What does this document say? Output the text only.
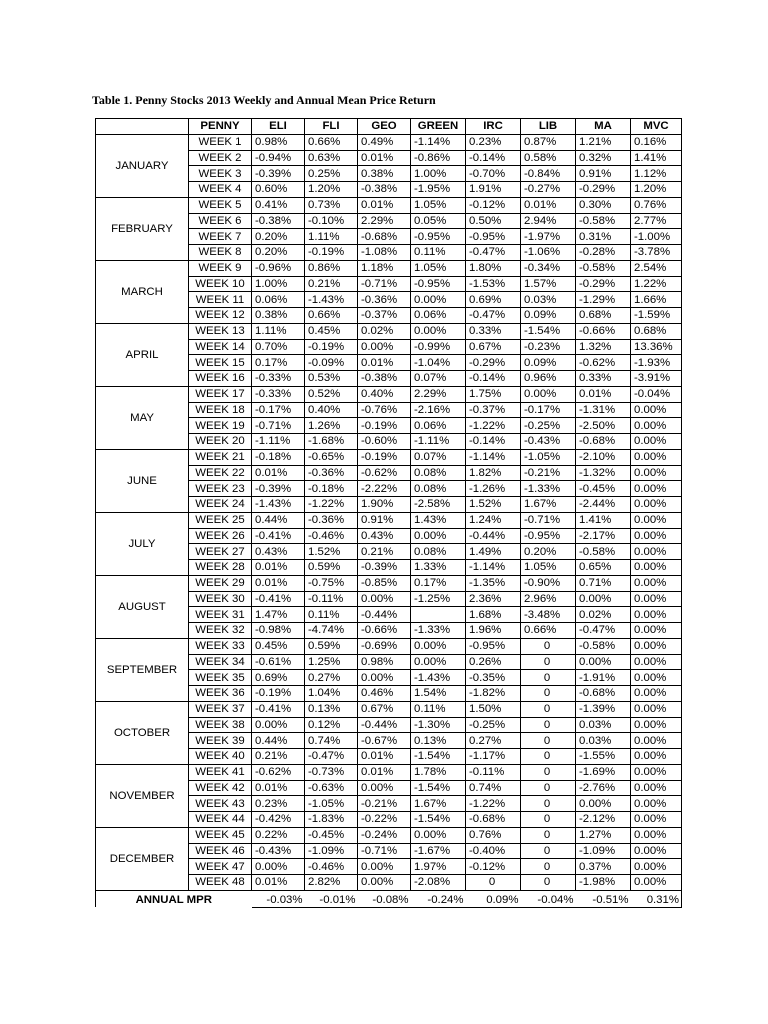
Table 1. Penny Stocks 2013 Weekly and Annual Mean Price Return
	PENNY	ELI	FLI	GEO	GREEN	IRC	LIB	MA	MVC
JANUARY	WEEK 1	0.98%	0.66%	0.49%	-1.14%	0.23%	0.87%	1.21%	0.16%
	WEEK 2	-0.94%	0.63%	0.01%	-0.86%	-0.14%	0.58%	0.32%	1.41%
	WEEK 3	-0.39%	0.25%	0.38%	1.00%	-0.70%	-0.84%	0.91%	1.12%
	WEEK 4	0.60%	1.20%	-0.38%	-1.95%	1.91%	-0.27%	-0.29%	1.20%
FEBRUARY	WEEK 5	0.41%	0.73%	0.01%	1.05%	-0.12%	0.01%	0.30%	0.76%
	WEEK 6	-0.38%	-0.10%	2.29%	0.05%	0.50%	2.94%	-0.58%	2.77%
	WEEK 7	0.20%	1.11%	-0.68%	-0.95%	-0.95%	-1.97%	0.31%	-1.00%
	WEEK 8	0.20%	-0.19%	-1.08%	0.11%	-0.47%	-1.06%	-0.28%	-3.78%
MARCH	WEEK 9	-0.96%	0.86%	1.18%	1.05%	1.80%	-0.34%	-0.58%	2.54%
	WEEK 10	1.00%	0.21%	-0.71%	-0.95%	-1.53%	1.57%	-0.29%	1.22%
	WEEK 11	0.06%	-1.43%	-0.36%	0.00%	0.69%	0.03%	-1.29%	1.66%
	WEEK 12	0.38%	0.66%	-0.37%	0.06%	-0.47%	0.09%	0.68%	-1.59%
APRIL	WEEK 13	1.11%	0.45%	0.02%	0.00%	0.33%	-1.54%	-0.66%	0.68%
	WEEK 14	0.70%	-0.19%	0.00%	-0.99%	0.67%	-0.23%	1.32%	13.36%
	WEEK 15	0.17%	-0.09%	0.01%	-1.04%	-0.29%	0.09%	-0.62%	-1.93%
	WEEK 16	-0.33%	0.53%	-0.38%	0.07%	-0.14%	0.96%	0.33%	-3.91%
MAY	WEEK 17	-0.33%	0.52%	0.40%	2.29%	1.75%	0.00%	0.01%	-0.04%
	WEEK 18	-0.17%	0.40%	-0.76%	-2.16%	-0.37%	-0.17%	-1.31%	0.00%
	WEEK 19	-0.71%	1.26%	-0.19%	0.06%	-1.22%	-0.25%	-2.50%	0.00%
	WEEK 20	-1.11%	-1.68%	-0.60%	-1.11%	-0.14%	-0.43%	-0.68%	0.00%
JUNE	WEEK 21	-0.18%	-0.65%	-0.19%	0.07%	-1.14%	-1.05%	-2.10%	0.00%
	WEEK 22	0.01%	-0.36%	-0.62%	0.08%	1.82%	-0.21%	-1.32%	0.00%
	WEEK 23	-0.39%	-0.18%	-2.22%	0.08%	-1.26%	-1.33%	-0.45%	0.00%
	WEEK 24	-1.43%	-1.22%	1.90%	-2.58%	1.52%	1.67%	-2.44%	0.00%
JULY	WEEK 25	0.44%	-0.36%	0.91%	1.43%	1.24%	-0.71%	1.41%	0.00%
	WEEK 26	-0.41%	-0.46%	0.43%	0.00%	-0.44%	-0.95%	-2.17%	0.00%
	WEEK 27	0.43%	1.52%	0.21%	0.08%	1.49%	0.20%	-0.58%	0.00%
	WEEK 28	0.01%	0.59%	-0.39%	1.33%	-1.14%	1.05%	0.65%	0.00%
AUGUST	WEEK 29	0.01%	-0.75%	-0.85%	0.17%	-1.35%	-0.90%	0.71%	0.00%
	WEEK 30	-0.41%	-0.11%	0.00%	-1.25%	2.36%	2.96%	0.00%	0.00%
	WEEK 31	1.47%	0.11%	-0.44%		1.68%	-3.48%	0.02%	0.00%
	WEEK 32	-0.98%	-4.74%	-0.66%	-1.33%	1.96%	0.66%	-0.47%	0.00%
SEPTEMBER	WEEK 33	0.45%	0.59%	-0.69%	0.00%	-0.95%	0	-0.58%	0.00%
	WEEK 34	-0.61%	1.25%	0.98%	0.00%	0.26%	0	0.00%	0.00%
	WEEK 35	0.69%	0.27%	0.00%	-1.43%	-0.35%	0	-1.91%	0.00%
	WEEK 36	-0.19%	1.04%	0.46%	1.54%	-1.82%	0	-0.68%	0.00%
OCTOBER	WEEK 37	-0.41%	0.13%	0.67%	0.11%	1.50%	0	-1.39%	0.00%
	WEEK 38	0.00%	0.12%	-0.44%	-1.30%	-0.25%	0	0.03%	0.00%
	WEEK 39	0.44%	0.74%	-0.67%	0.13%	0.27%	0	0.03%	0.00%
	WEEK 40	0.21%	-0.47%	0.01%	-1.54%	-1.17%	0	-1.55%	0.00%
NOVEMBER	WEEK 41	-0.62%	-0.73%	0.01%	1.78%	-0.11%	0	-1.69%	0.00%
	WEEK 42	0.01%	-0.63%	0.00%	-1.54%	0.74%	0	-2.76%	0.00%
	WEEK 43	0.23%	-1.05%	-0.21%	1.67%	-1.22%	0	0.00%	0.00%
	WEEK 44	-0.42%	-1.83%	-0.22%	-1.54%	-0.68%	0	-2.12%	0.00%
DECEMBER	WEEK 45	0.22%	-0.45%	-0.24%	0.00%	0.76%	0	1.27%	0.00%
	WEEK 46	-0.43%	-1.09%	-0.71%	-1.67%	-0.40%	0	-1.09%	0.00%
	WEEK 47	0.00%	-0.46%	0.00%	1.97%	-0.12%	0	0.37%	0.00%
	WEEK 48	0.01%	2.82%	0.00%	-2.08%	0	0	-1.98%	0.00%
ANNUAL MPR		-0.03%	-0.01%	-0.08%	-0.24%	0.09%	-0.04%	-0.51%	0.31%
